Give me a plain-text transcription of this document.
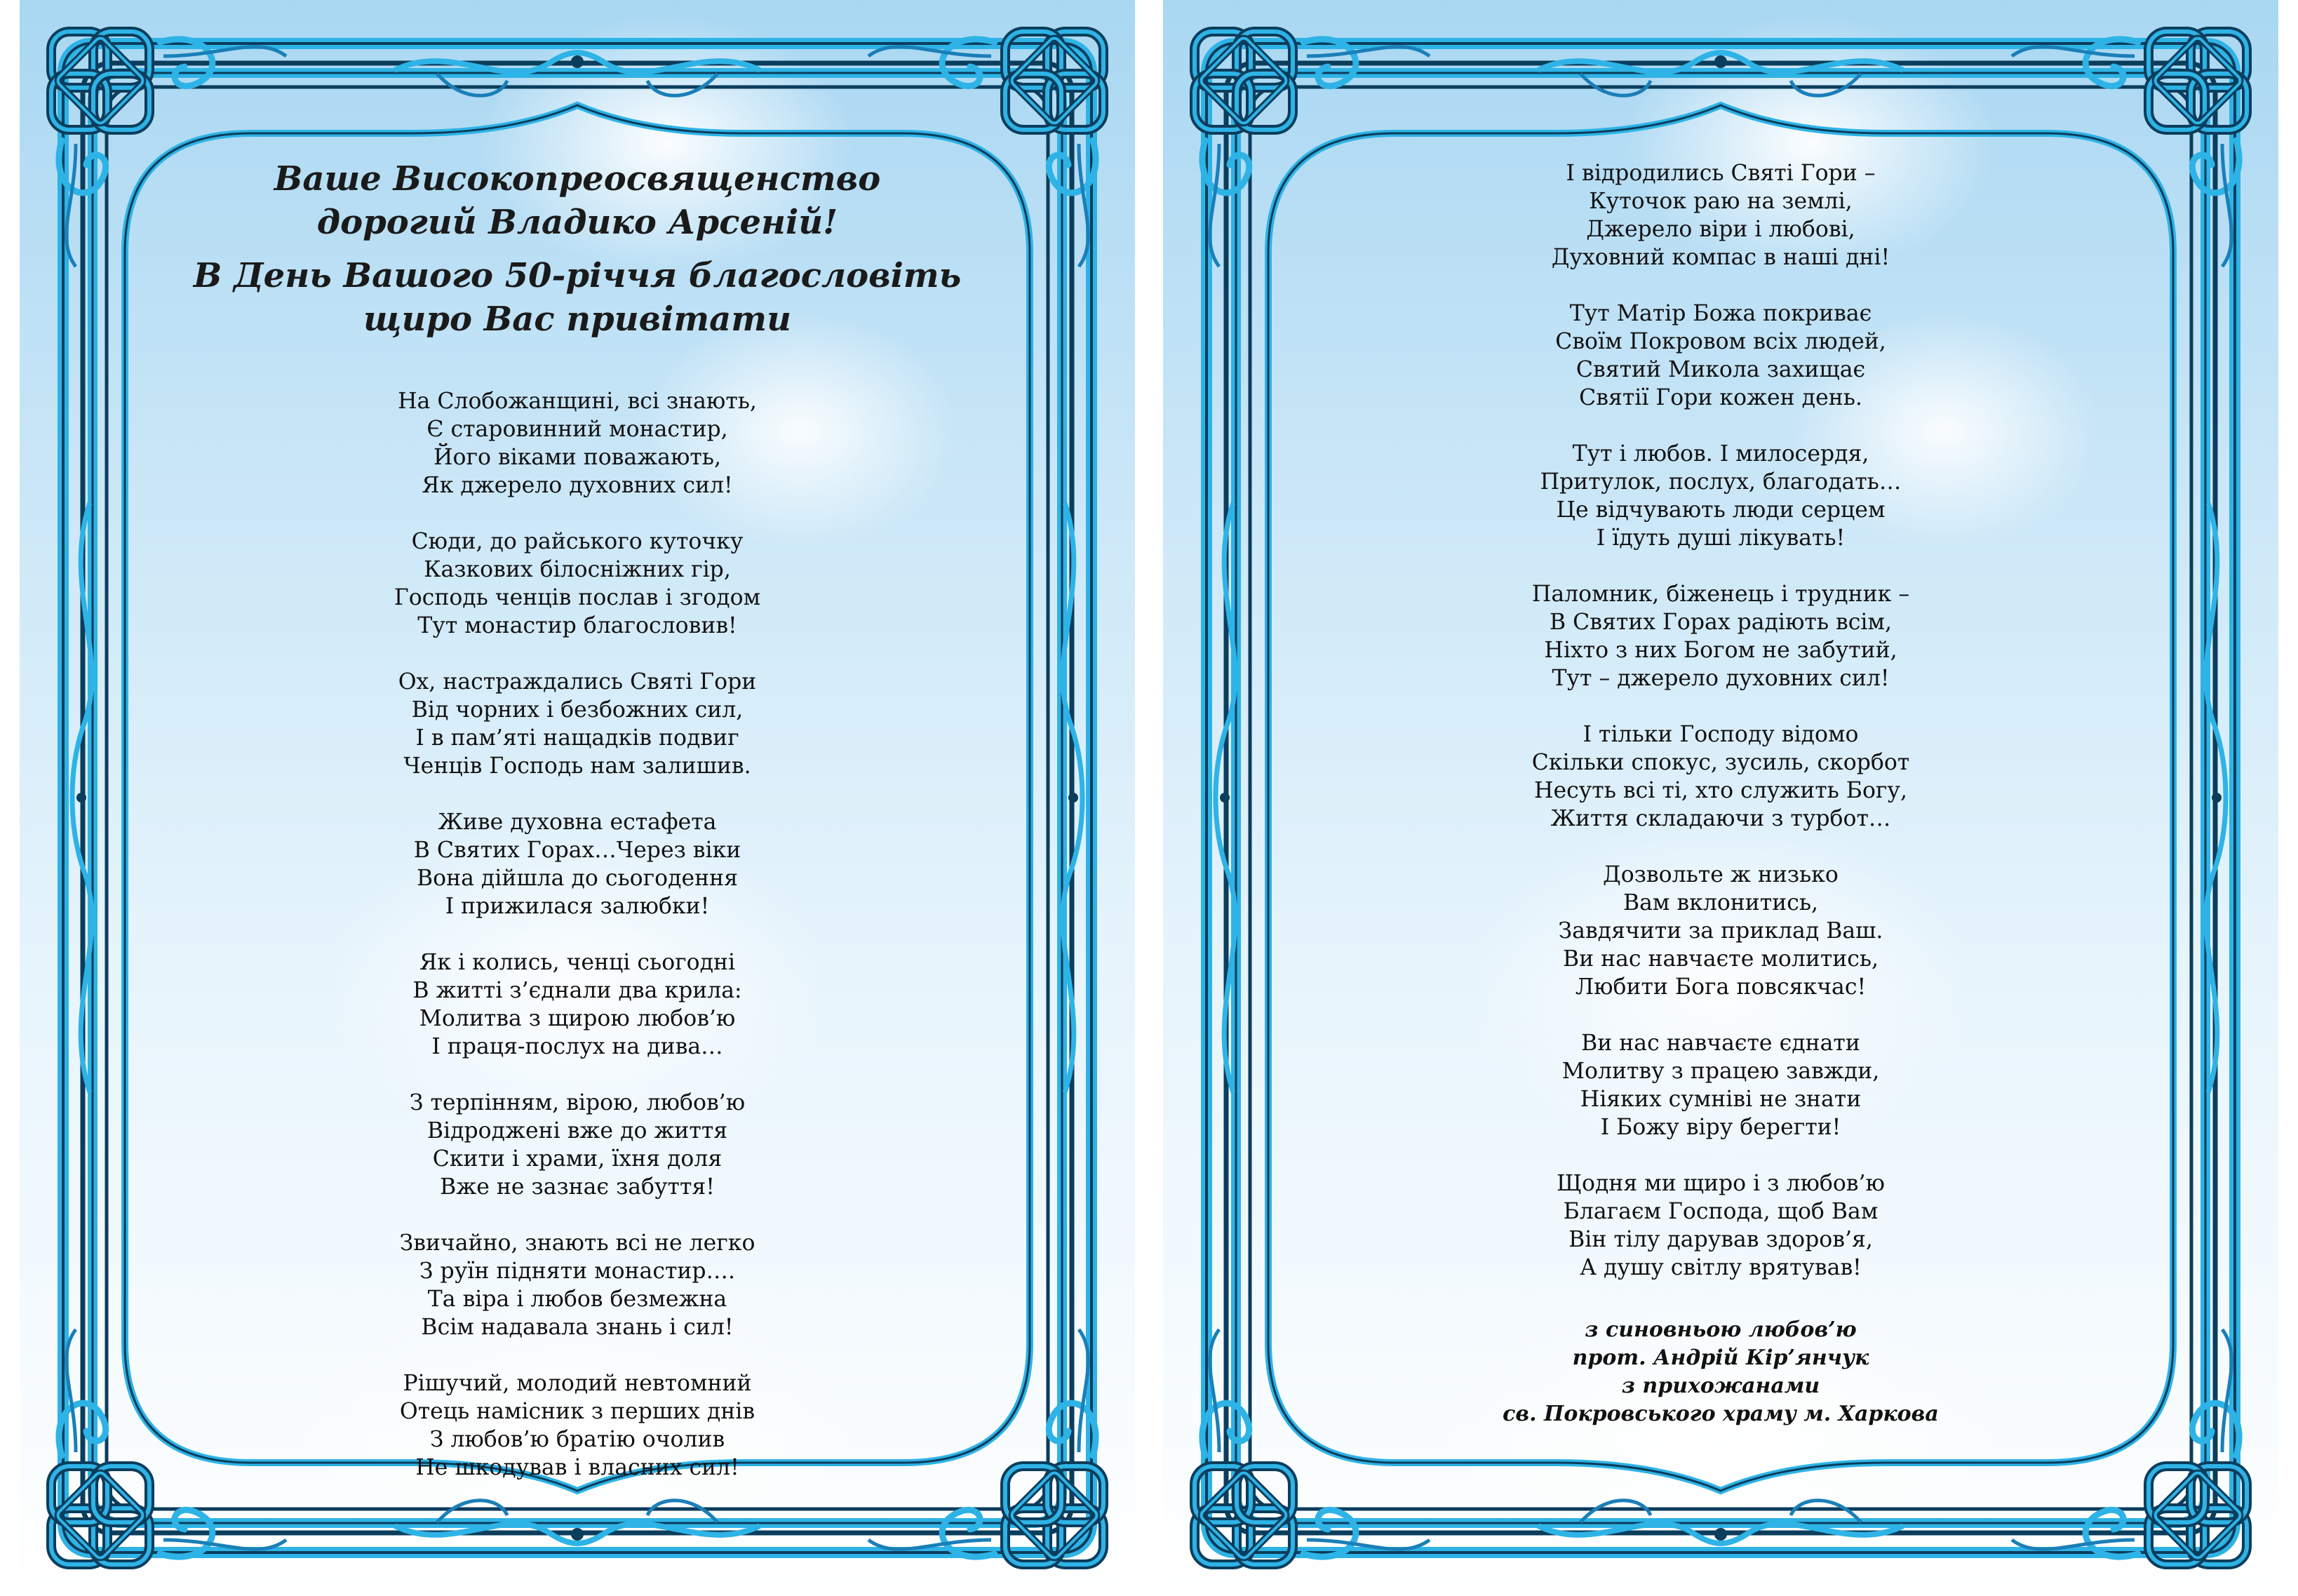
Ваше Високопреосвященство
дорогий Владико Арсеній!
В День Вашого 50-річчя благословіть
щиро Вас привітати
На Слобожанщині, всі знають,
Є старовинний монастир,
Його віками поважають,
Як джерело духовних сил!
Сюди, до райського куточку
Казкових білосніжних гір,
Господь ченців послав і згодом
Тут монастир благословив!
Ох, настраждались Святі Гори
Від чорних і безбожних сил,
І в пам’яті нащадків подвиг
Ченців Господь нам залишив.
Живе духовна естафета
В Святих Горах…Через віки
Вона дійшла до сьогодення
І прижилася залюбки!
Як і колись, ченці сьогодні
В житті з’єднали два крила:
Молитва з щирою любов’ю
І праця-послух на дива…
З терпінням, вірою, любов’ю
Відроджені вже до життя
Скити і храми, їхня доля
Вже не зазнає забуття!
Звичайно, знають всі не легко
З руїн підняти монастир….
Та віра і любов безмежна
Всім надавала знань і сил!
Рішучий, молодий невтомний
Отець намісник з перших днів
З любов’ю братію очолив
Не шкодував і власних сил!
І відродились Святі Гори –
Куточок раю на землі,
Джерело віри і любові,
Духовний компас в наші дні!
Тут Матір Божа покриває
Своїм Покровом всіх людей,
Святий Микола захищає
Святії Гори кожен день.
Тут і любов. І милосердя,
Притулок, послух, благодать…
Це відчувають люди серцем
І їдуть душі лікувать!
Паломник, біженець і трудник –
В Святих Горах радіють всім,
Ніхто з них Богом не забутий,
Тут – джерело духовних сил!
І тільки Господу відомо
Скільки спокус, зусиль, скорбот
Несуть всі ті, хто служить Богу,
Життя складаючи з турбот…
Дозвольте ж низько
Вам вклонитись,
Завдячити за приклад Ваш.
Ви нас навчаєте молитись,
Любити Бога повсякчас!
Ви нас навчаєте єднати
Молитву з працею завжди,
Ніяких сумніві не знати
І Божу віру берегти!
Щодня ми щиро і з любов’ю
Благаєм Господа, щоб Вам
Він тілу дарував здоров’я,
А душу світлу врятував!
з синовньою любов’ю
прот. Андрій Кір’янчук
з прихожанами
св. Покровського храму м. Харкова
